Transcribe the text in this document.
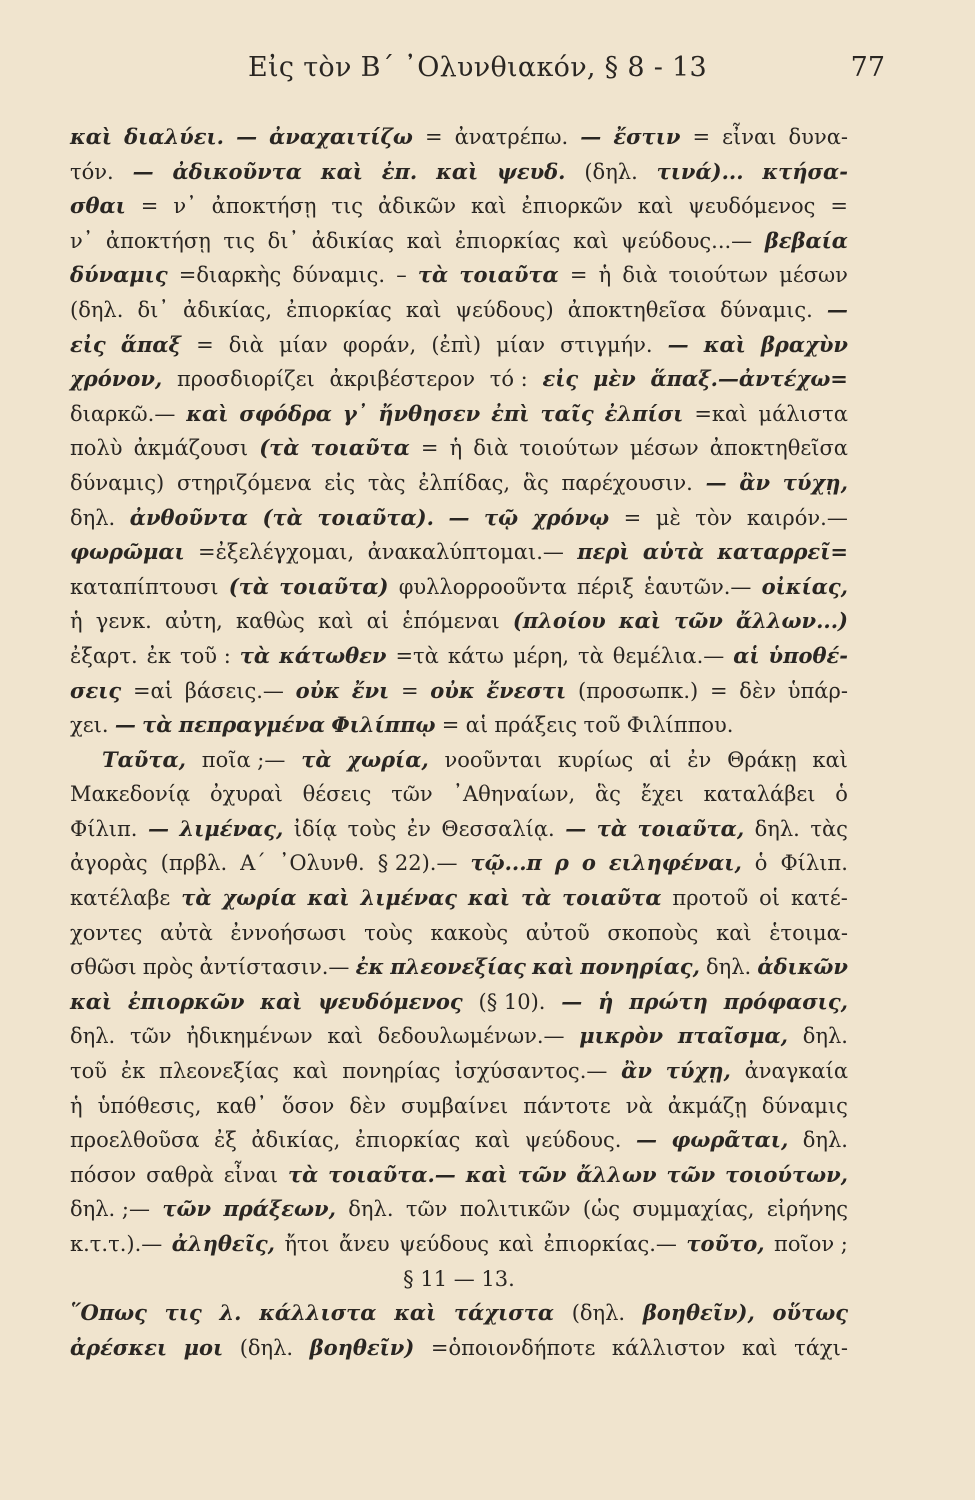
Εἰς τὸν Β´ ᾿Ολυνθιακόν, § 8 - 13	77
καὶ διαλύει. — ἀναχαιτίζω = ἀνατρέπω. — ἔστιν = εἶναι δυνα-
τόν. — ἀδικοῦντα καὶ ἐπ. καὶ ψευδ. (δηλ. τινά)... κτήσα-
σθαι = ν᾿ ἀποκτήσῃ τις ἀδικῶν καὶ ἐπιορκῶν καὶ ψευδόμενος =
ν᾿ ἀποκτήσῃ τις δι᾿ ἀδικίας καὶ ἐπιορκίας καὶ ψεύδους...— βεβαία
δύναμις =διαρκὴς δύναμις. – τὰ τοιαῦτα = ἡ διὰ τοιούτων μέσων
(δηλ. δι᾿ ἀδικίας, ἐπιορκίας καὶ ψεύδους) ἀποκτηθεῖσα δύναμις. —
εἰς ἅπαξ = διὰ μίαν φοράν, (ἐπὶ) μίαν στιγμήν. — καὶ βραχὺν
χρόνον, προσδιορίζει ἀκριβέστερον τό : εἰς μὲν ἅπαξ.—ἀντέχω=
διαρκῶ.— καὶ σφόδρα γ᾿ ἤνθησεν ἐπὶ ταῖς ἐλπίσι =καὶ μάλιστα
πολὺ ἀκμάζουσι (τὰ τοιαῦτα = ἡ διὰ τοιούτων μέσων ἀποκτηθεῖσα
δύναμις) στηριζόμενα εἰς τὰς ἐλπίδας, ἃς παρέχουσιν. — ἂν τύχῃ,
δηλ. ἀνθοῦντα (τὰ τοιαῦτα). — τῷ χρόνῳ = μὲ τὸν καιρόν.—
φωρῶμαι =ἐξελέγχομαι, ἀνακαλύπτομαι.— περὶ αὑτὰ καταρρεῖ=
καταπίπτουσι (τὰ τοιαῦτα) φυλλορροοῦντα πέριξ ἑαυτῶν.— οἰκίας,
ἡ γενκ. αὐτη, καθὼς καὶ αἱ ἑπόμεναι (πλοίου καὶ τῶν ἄλλων...)
ἐξαρτ. ἐκ τοῦ : τὰ κάτωθεν =τὰ κάτω μέρη, τὰ θεμέλια.— αἱ ὑποθέ-
σεις =αἱ βάσεις.— οὐκ ἔνι = οὐκ ἔνεστι (προσωπκ.) = δὲν ὑπάρ-
χει. — τὰ πεπραγμένα Φιλίππῳ = αἱ πράξεις τοῦ Φιλίππου.
Ταῦτα, ποῖα ;— τὰ χωρία, νοοῦνται κυρίως αἱ ἐν Θράκῃ καὶ
Μακεδονίᾳ ὀχυραὶ θέσεις τῶν ᾿Αθηναίων, ἃς ἔχει καταλάβει ὁ
Φίλιπ. — λιμένας, ἰδίᾳ τοὺς ἐν Θεσσαλίᾳ. — τὰ τοιαῦτα, δηλ. τὰς
ἀγορὰς (πρβλ. Α´ ᾿Ολυνθ. § 22).— τῷ...π ρ ο ειληφέναι, ὁ Φίλιπ.
κατέλαβε τὰ χωρία καὶ λιμένας καὶ τὰ τοιαῦτα προτοῦ οἱ κατέ-
χοντες αὐτὰ ἐννοήσωσι τοὺς κακοὺς αὐτοῦ σκοποὺς καὶ ἑτοιμα-
σθῶσι πρὸς ἀντίστασιν.— ἐκ πλεονεξίας καὶ πονηρίας, δηλ. ἀδικῶν
καὶ ἐπιορκῶν καὶ ψευδόμενος (§ 10). — ἡ πρώτη πρόφασις,
δηλ. τῶν ἠδικημένων καὶ δεδουλωμένων.— μικρὸν πταῖσμα, δηλ.
τοῦ ἐκ πλεονεξίας καὶ πονηρίας ἰσχύσαντος.— ἂν τύχῃ, ἀναγκαία
ἡ ὑπόθεσις, καθ᾿ ὅσον δὲν συμβαίνει πάντοτε νὰ ἀκμάζῃ δύναμις
προελθοῦσα ἐξ ἀδικίας, ἐπιορκίας καὶ ψεύδους. — φωρᾶται, δηλ.
πόσον σαθρὰ εἶναι τὰ τοιαῦτα.— καὶ τῶν ἄλλων τῶν τοιούτων,
δηλ. ;— τῶν πράξεων, δηλ. τῶν πολιτικῶν (ὡς συμμαχίας, εἰρήνης
κ.τ.τ.).— ἀληθεῖς, ἤτοι ἄνευ ψεύδους καὶ ἐπιορκίας.— τοῦτο, ποῖον ;
§ 11 — 13.
῞Οπως τις λ. κάλλιστα καὶ τάχιστα (δηλ. βοηθεῖν), οὕτως
ἀρέσκει μοι (δηλ. βοηθεῖν) =ὁποιονδήποτε κάλλιστον καὶ τάχι-
